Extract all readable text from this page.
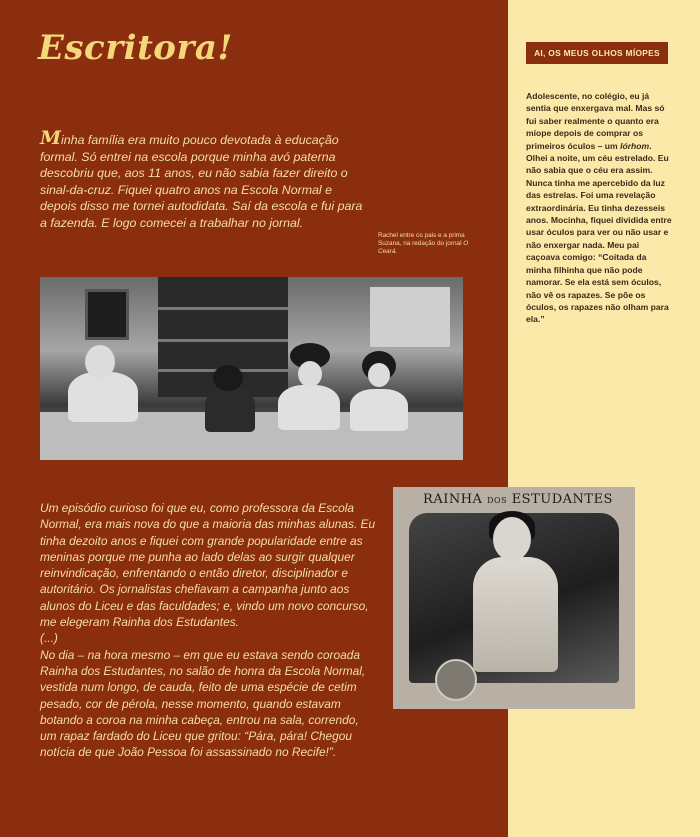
Escritora!
Minha família era muito pouco devotada à educação formal. Só entrei na escola porque minha avó paterna descobriu que, aos 11 anos, eu não sabia fazer direito o sinal-da-cruz. Fiquei quatro anos na Escola Normal e depois disso me tornei autodidata. Saí da escola e fui para a fazenda. E logo comecei a trabalhar no jornal.
Rachel entre os pais e a prima Suzana, na redação do jornal O Ceará.

Um episódio curioso foi que eu, como professora da Escola Normal, era mais nova do que a maioria das minhas alunas. Eu tinha dezoito anos e fiquei com grande popularidade entre as meninas porque me punha ao lado delas ao surgir qualquer reinvindicação, enfrentando o então diretor, disciplinador e autoritário. Os jornalistas chefiavam a campanha junto aos alunos do Liceu e das faculdades; e, vindo um novo concurso, me elegeram Rainha dos Estudantes.

(...)

No dia – na hora mesmo – em que eu estava sendo coroada Rainha dos Estudantes, no salão de honra da Escola Normal, vestida num longo, de cauda, feito de uma espécie de cetim pesado, cor de pérola, nesse momento, quando estavam botando a coroa na minha cabeça, entrou na sala, correndo, um rapaz fardado do Liceu que gritou: “Pára, pára! Chegou notícia de que João Pessoa foi assassinado no Recife!”.

RAINHA DOS ESTUDANTES
AI, OS MEUS OLHOS MÍOPES
Adolescente, no colégio, eu já sentia que enxergava mal. Mas só fui saber realmente o quanto era míope depois de comprar os primeiros óculos – um lórhom. Olhei a noite, um céu estrelado. Eu não sabia que o céu era assim. Nunca tinha me apercebido da luz das estrelas. Foi uma revelação extraordinária. Eu tinha dezesseis anos. Mocinha, fiquei dividida entre usar óculos para ver ou não usar e não enxergar nada. Meu pai caçoava comigo: “Coitada da minha filhinha que não pode namorar. Se ela está sem óculos, não vê os rapazes. Se põe os óculos, os rapazes não olham para ela.”
